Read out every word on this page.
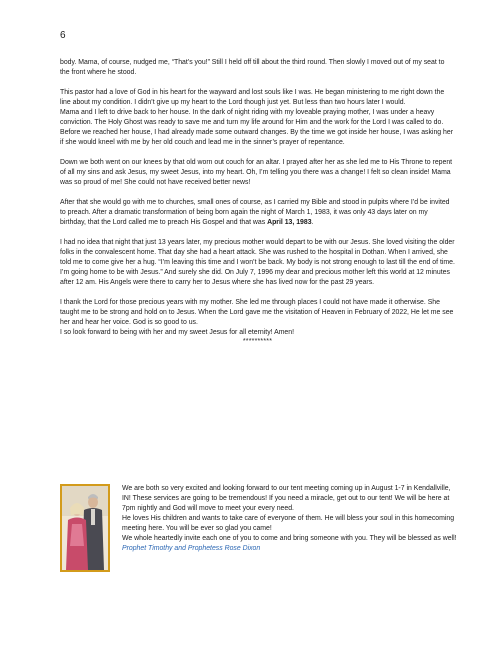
6

body. Mama, of course, nudged me, “That’s you!” Still I held off till about the third round. Then slowly I moved out of my seat to the front where he stood.

This pastor had a love of God in his heart for the wayward and lost souls like I was. He began ministering to me right down the line about my condition. I didn’t give up my heart to the Lord though just yet. But less than two hours later I would.

Mama and I left to drive back to her house. In the dark of night riding with my loveable praying mother, I was under a heavy conviction. The Holy Ghost was ready to save me and turn my life around for Him and the work for the Lord I was called to do. Before we reached her house, I had already made some outward changes. By the time we got inside her house, I was asking her if she would kneel with me by her old couch and lead me in the sinner’s prayer of repentance.

Down we both went on our knees by that old worn out couch for an altar. I prayed after her as she led me to His Throne to repent of all my sins and ask Jesus, my sweet Jesus, into my heart. Oh, I’m telling you there was a change! I felt so clean inside! Mama was so proud of me! She could not have received better news!

After that she would go with me to churches, small ones of course, as I carried my Bible and stood in pulpits where I’d be invited to preach. After a dramatic transformation of being born again the night of March 1, 1983, it was only 43 days later on my birthday, that the Lord called me to preach His Gospel and that was April 13, 1983.

I had no idea that night that just 13 years later, my precious mother would depart to be with our Jesus. She loved visiting the older folks in the convalescent home. That day she had a heart attack. She was rushed to the hospital in Dothan. When I arrived, she told me to come give her a hug. “I’m leaving this time and I won’t be back. My body is not strong enough to last till the end of time. I’m going home to be with Jesus.” And surely she did. On July 7, 1996 my dear and precious mother left this world at 12 minutes after 12 am. His Angels were there to carry her to Jesus where she has lived now for the past 29 years.

I thank the Lord for those precious years with my mother. She led me through places I could not have made it otherwise. She taught me to be strong and hold on to Jesus. When the Lord gave me the visitation of Heaven in February of 2022, He let me see her and hear her voice. God is so good to us.

I so look forward to being with her and my sweet Jesus for all eternity! Amen!

**********

We are both so very excited and looking forward to our tent meeting coming up in August 1-7 in Kendallville, IN! These services are going to be tremendous! If you need a miracle, get out to our tent! We will be here at 7pm nightly and God will move to meet your every need.

He loves His children and wants to take care of everyone of them. He will bless your soul in this homecoming meeting here. You will be ever so glad you came!

We whole heartedly invite each one of you to come and bring someone with you. They will be blessed as well!

Prophet Timothy and Prophetess Rose Dixon
